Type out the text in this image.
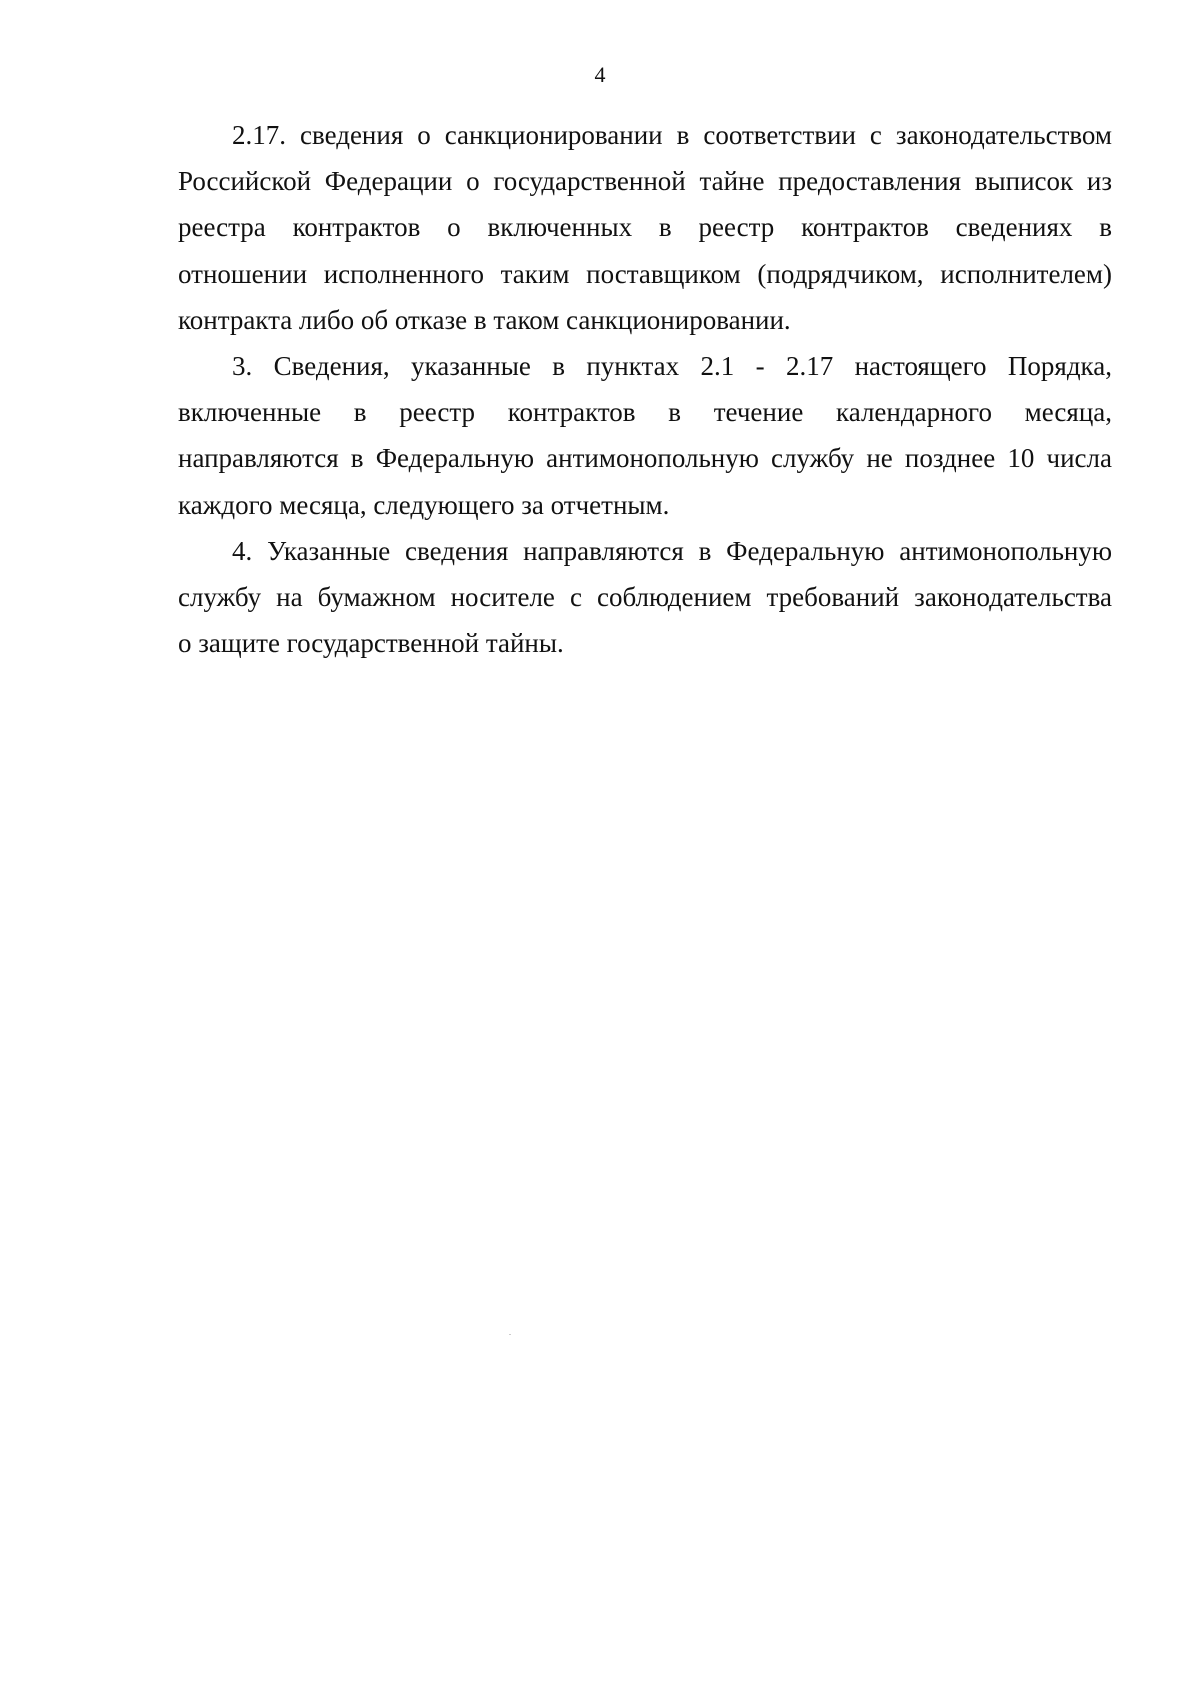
4

2.17. сведения о санкционировании в соответствии с законодательством
Российской Федерации о государственной тайне предоставления выписок из
реестра контрактов о включенных в реестр контрактов сведениях в
отношении исполненного таким поставщиком (подрядчиком, исполнителем)
контракта либо об отказе в таком санкционировании.

3. Сведения, указанные в пунктах 2.1 - 2.17 настоящего Порядка,
включенные в реестр контрактов в течение календарного месяца,
направляются в Федеральную антимонопольную службу не позднее 10 числа
каждого месяца, следующего за отчетным.

4. Указанные сведения направляются в Федеральную антимонопольную
службу на бумажном носителе с соблюдением требований законодательства
о защите государственной тайны.
